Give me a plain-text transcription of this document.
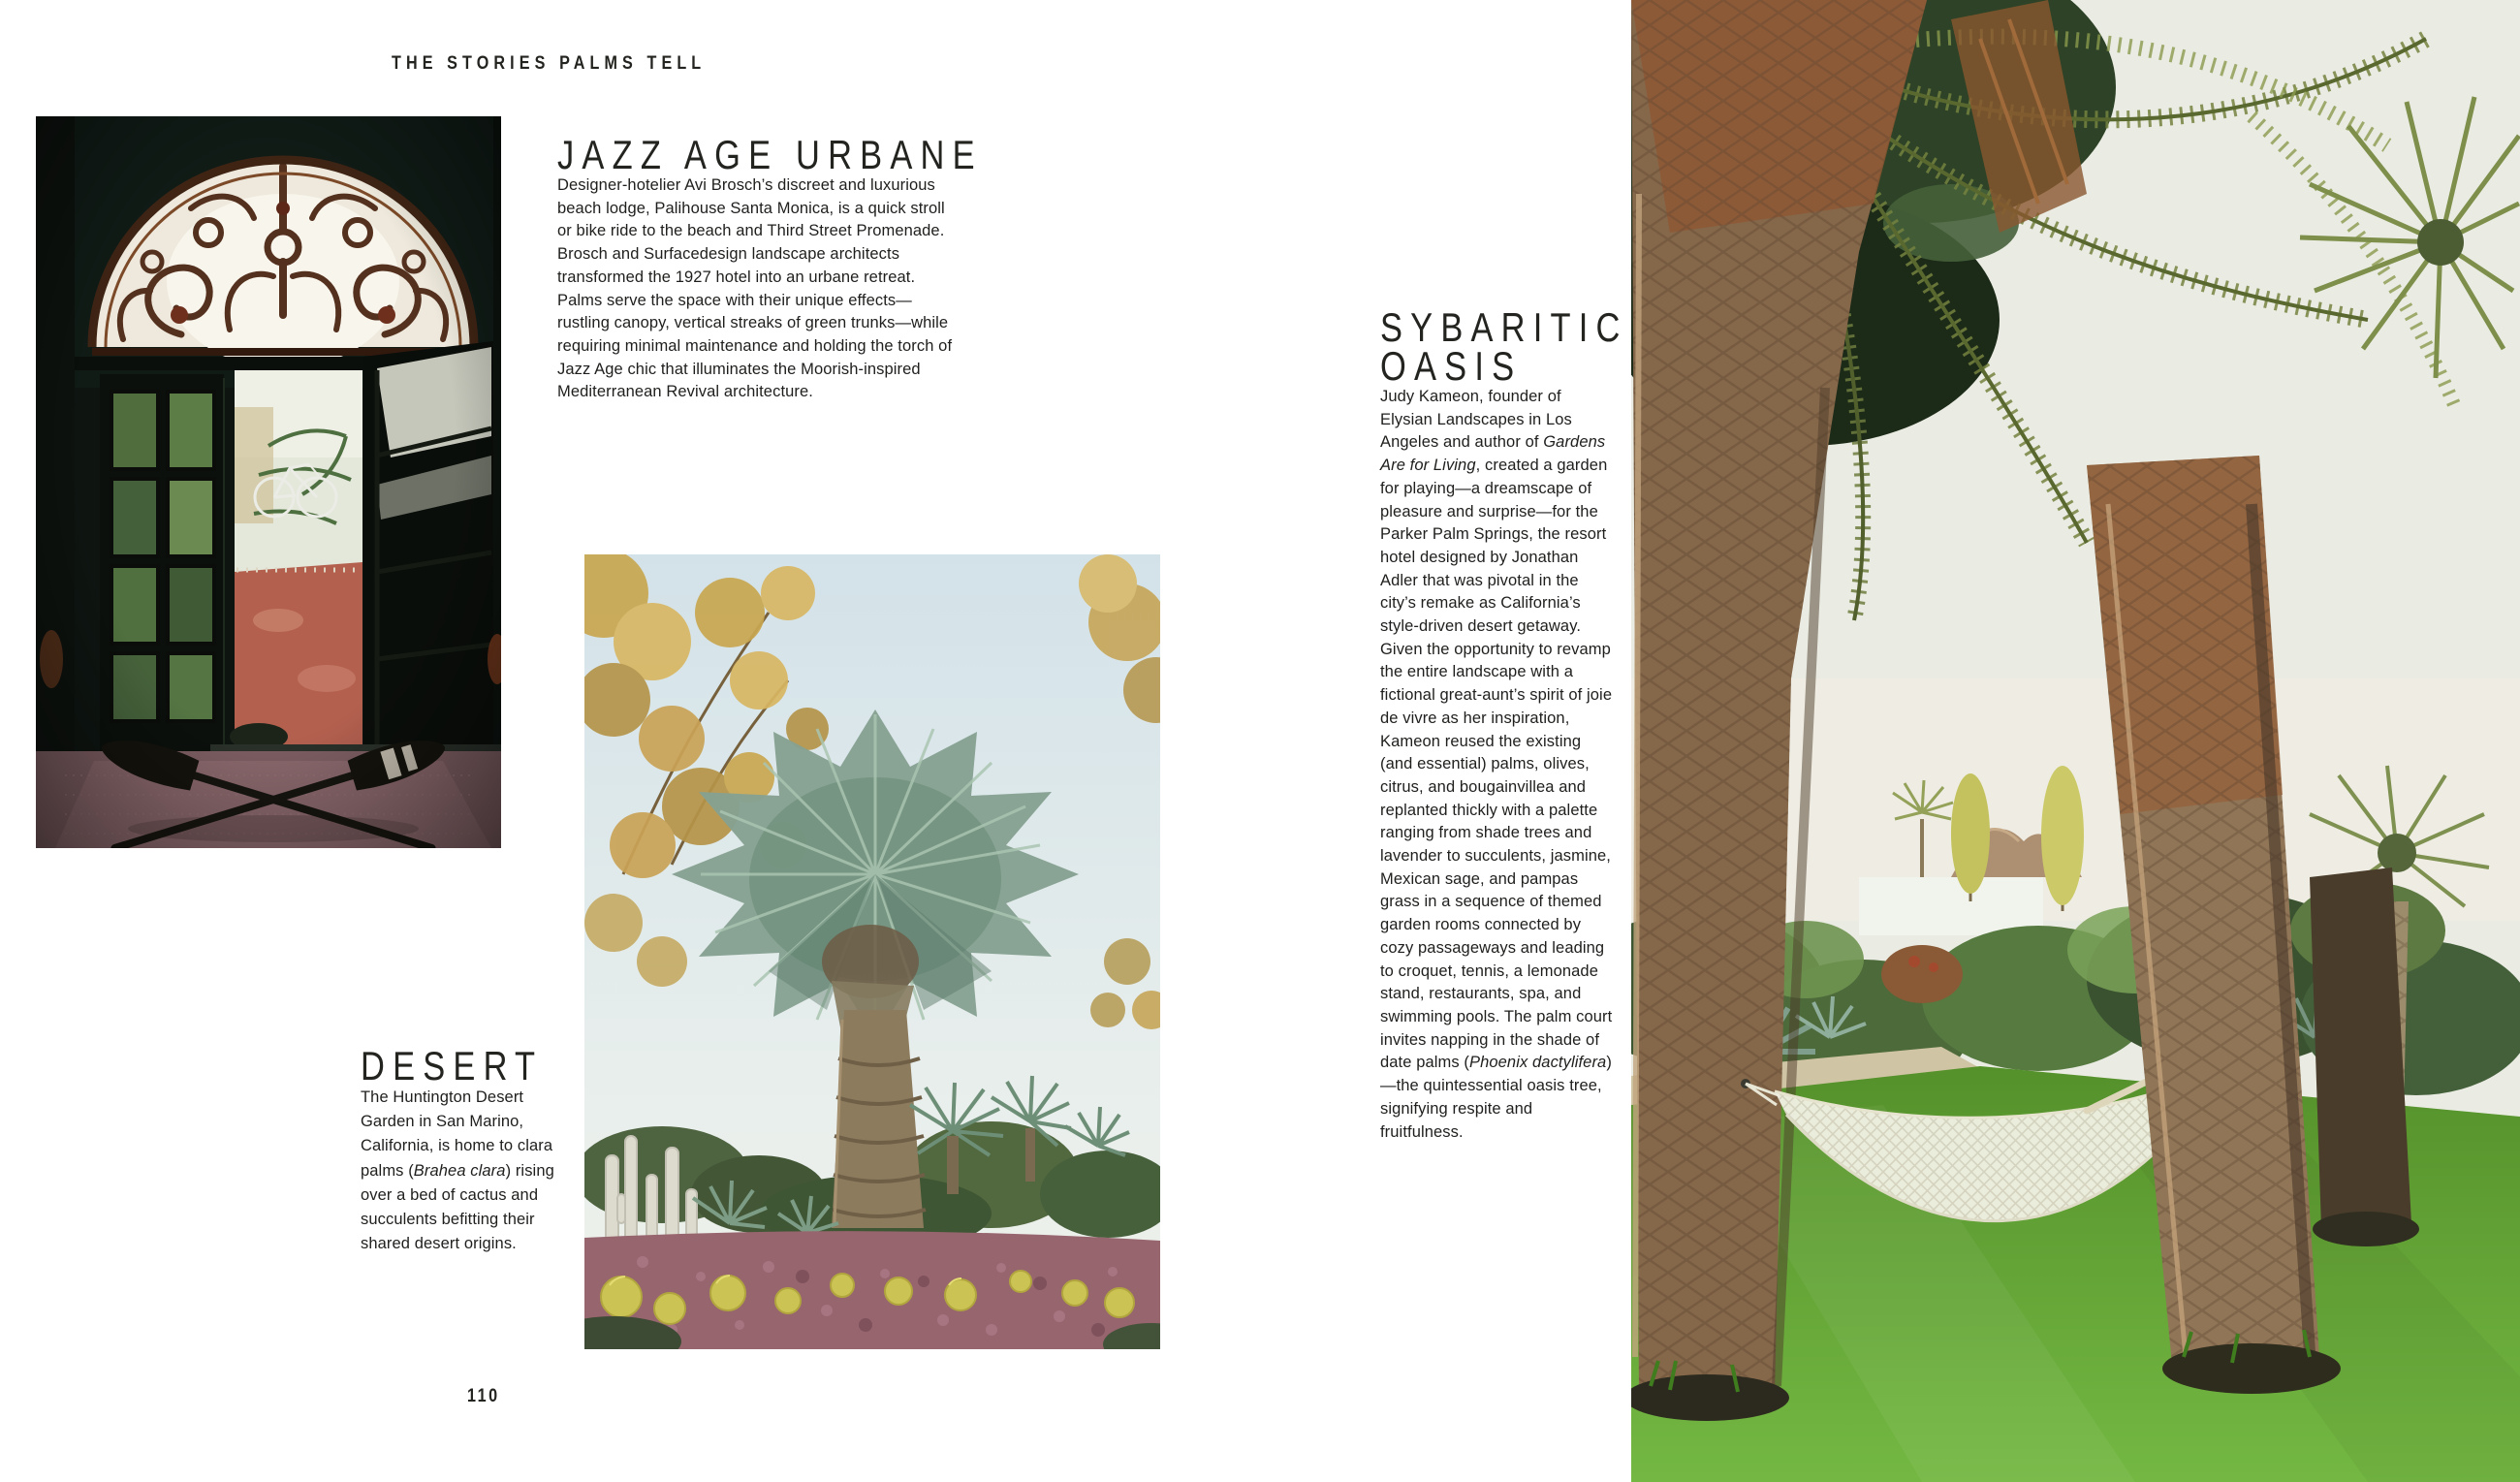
THE STORIES PALMS TELL
JAZZ AGE URBANE

Designer-hotelier Avi Brosch’s discreet and luxurious beach lodge, Palihouse Santa Monica, is a quick stroll or bike ride to the beach and Third Street Promenade. Brosch and Surfacedesign landscape architects transformed the 1927 hotel into an urbane retreat. Palms serve the space with their unique effects—rustling canopy, vertical streaks of green trunks—while requiring minimal maintenance and holding the torch of Jazz Age chic that illuminates the Moorish-inspired Mediterranean Revival architecture.

DESERT

The Huntington Desert Garden in San Marino, California, is home to clara palms (Brahea clara) rising over a bed of cactus and succulents befitting their shared desert origins.

110
SYBARITIC OASIS

Judy Kameon, founder of Elysian Landscapes in Los Angeles and author of Gardens Are for Living, created a garden for playing—a dreamscape of pleasure and surprise—for the Parker Palm Springs, the resort hotel designed by Jonathan Adler that was pivotal in the city’s remake as California’s style-driven desert getaway. Given the opportunity to revamp the entire landscape with a fictional great-aunt’s spirit of joie de vivre as her inspiration, Kameon reused the existing (and essential) palms, olives, citrus, and bougainvillea and replanted thickly with a palette ranging from shade trees and lavender to succulents, jasmine, Mexican sage, and pampas grass in a sequence of themed garden rooms connected by cozy passageways and leading to croquet, tennis, a lemonade stand, restaurants, spa, and swimming pools. The palm court invites napping in the shade of date palms (Phoenix dactylifera)—the quintessential oasis tree, signifying respite and fruitfulness.
